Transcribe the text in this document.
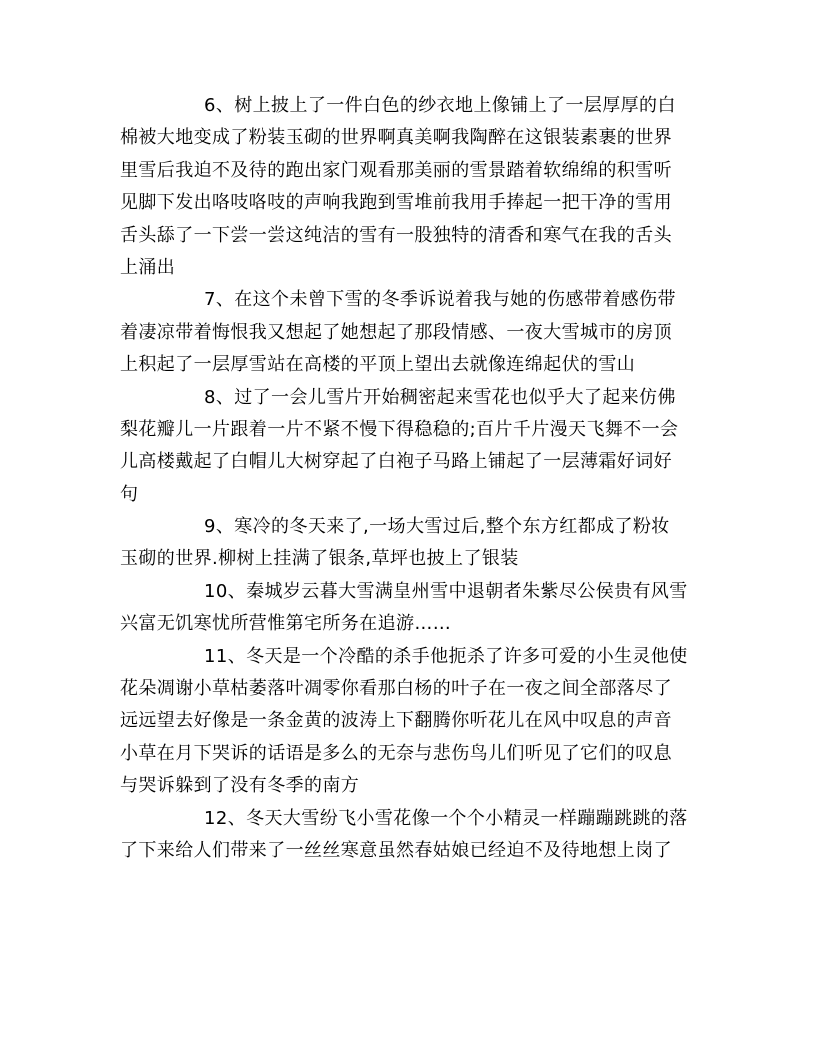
6、树上披上了一件白色的纱衣地上像铺上了一层厚厚的白
棉被大地变成了粉装玉砌的世界啊真美啊我陶醉在这银装素裹的世界
里雪后我迫不及待的跑出家门观看那美丽的雪景踏着软绵绵的积雪听
见脚下发出咯吱咯吱的声响我跑到雪堆前我用手捧起一把干净的雪用
舌头舔了一下尝一尝这纯洁的雪有一股独特的清香和寒气在我的舌头
上涌出

7、在这个未曾下雪的冬季诉说着我与她的伤感带着感伤带
着凄凉带着悔恨我又想起了她想起了那段情感、一夜大雪城市的房顶
上积起了一层厚雪站在高楼的平顶上望出去就像连绵起伏的雪山

8、过了一会儿雪片开始稠密起来雪花也似乎大了起来仿佛
梨花瓣儿一片跟着一片不紧不慢下得稳稳的;百片千片漫天飞舞不一会
儿高楼戴起了白帽儿大树穿起了白袍子马路上铺起了一层薄霜好词好
句

9、寒冷的冬天来了,一场大雪过后,整个东方红都成了粉妆
玉砌的世界.柳树上挂满了银条,草坪也披上了银装

10、秦城岁云暮大雪满皇州雪中退朝者朱紫尽公侯贵有风雪
兴富无饥寒忧所营惟第宅所务在追游……

11、冬天是一个冷酷的杀手他扼杀了许多可爱的小生灵他使
花朵凋谢小草枯萎落叶凋零你看那白杨的叶子在一夜之间全部落尽了
远远望去好像是一条金黄的波涛上下翻腾你听花儿在风中叹息的声音
小草在月下哭诉的话语是多么的无奈与悲伤鸟儿们听见了它们的叹息
与哭诉躲到了没有冬季的南方

12、冬天大雪纷飞小雪花像一个个小精灵一样蹦蹦跳跳的落
了下来给人们带来了一丝丝寒意虽然春姑娘已经迫不及待地想上岗了
